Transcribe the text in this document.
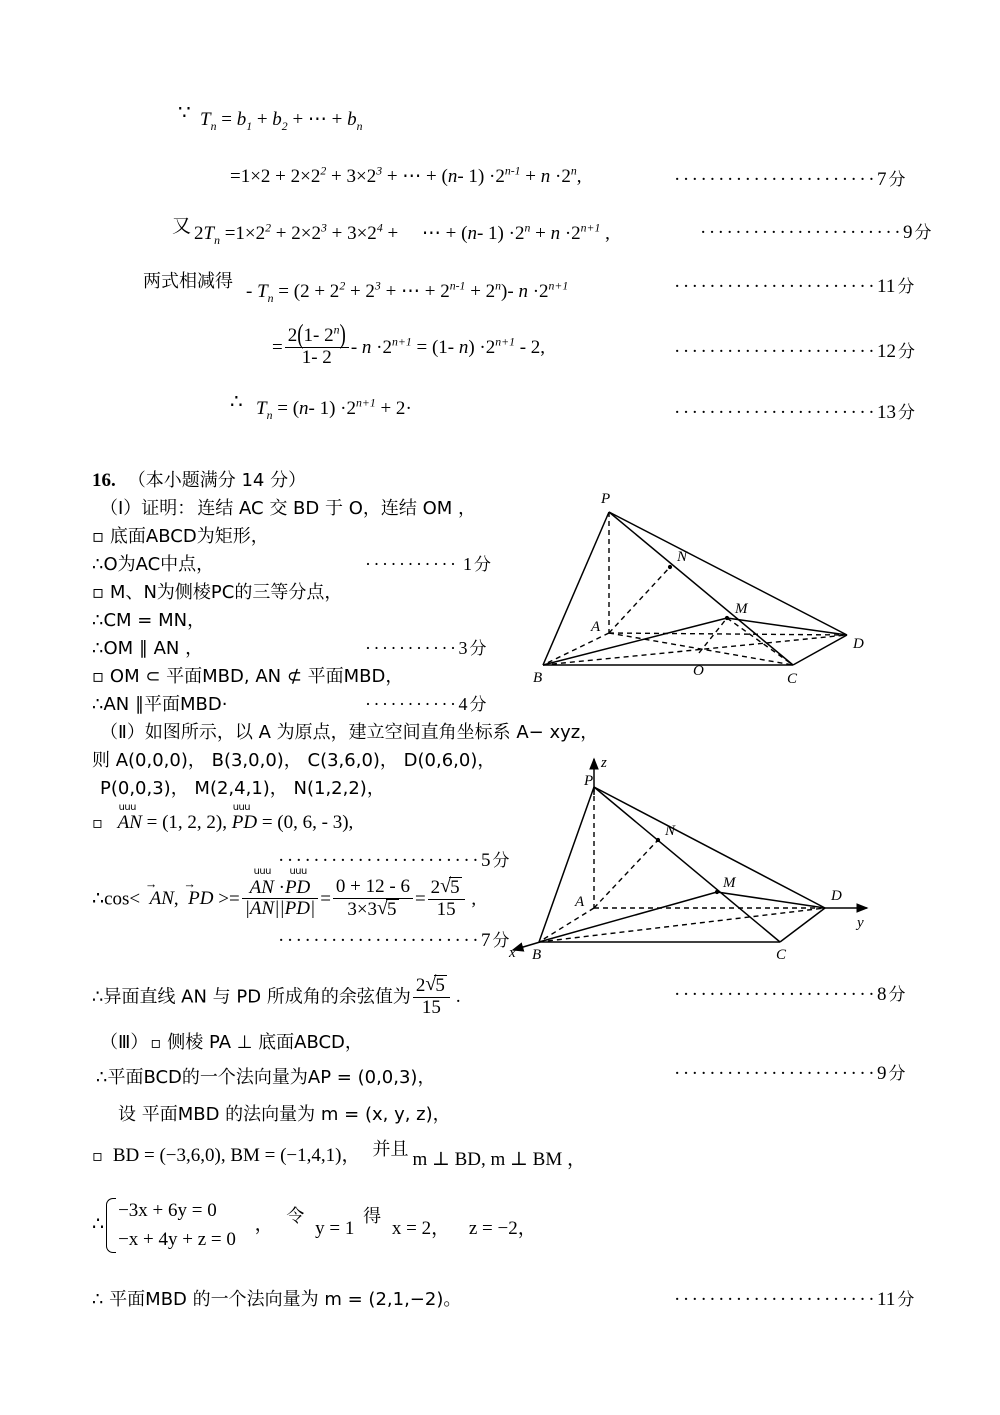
∵ $T_n = b_1 + b_2$ + ⋯ + $b_n$
$=1\times 2 + 2\times 2^2 + 3\times 2^3$ + ⋯ + (n- $1) \cdot 2^{n-1} + n \cdot 2^n$,	·······················7 分
又 $2T_n =1\times 2^2 + 2\times 2^3 + 3\times 2^4$ +     ⋯ + (n- $1) \cdot 2^n + n \cdot 2^{n+1}$ ,	·······················9 分
两式相减得 - $T_n = (2 + 2^2 + 2^3$ + ⋯ + $2^{n-1} + 2^n)-$ $n \cdot 2^{n+1}$	·······················11 分
= $\frac{2(1- 2^n)}{1- 2} - n \cdot 2^{n+1} = (1-$ $n) \cdot 2^{n+1} - 2$,	·······················12 分
∴ $T_n = (n-$ $1) \cdot 2^{n+1} + 2\cdot$	·······················13 分
16. （本小题满分 14 分）
（Ⅰ）证明： 连结 AC 交 BD 于 O，连结 OM ，
▫ 底面ABCD为矩形，
∴O为AC中点，	··········· 1 分
▫ M、N为侧棱PC的三等分点，
∴CM = MN，
∴OM ∥ AN ，	···········3 分
▫ OM ⊂ 平面MBD, AN ⊄ 平面MBD，
∴AN ∥平面MBD·	···········4 分
（Ⅱ）如图所示，以 A 为原点，建立空间直角坐标系 A− xyz，
则 A(0,0,0)， B(3,0,0)， C(3,6,0)， D(0,6,0)，
P(0,0,3)， M(2,4,1)， N(1,2,2)，
▫ uuu AN = (1, 2, 2), uuu PD = (0, 6, - 3),
·······················5 分
∴cos< →  AN, →  PD >= uuu $\frac{\text{AN ·uuu PD}}{|AN||PD|} = \frac{0 + 12 - 6}{3\times 3 √ 5} = \frac{2 √ 5}{15}$ ,
·······················7 分
∴异面直线 AN 与 PD 所成角的余弦值为 $\frac{2 √ 5}{15}$ .	·······················8 分
（Ⅲ） ▫ 侧棱 PA ⊥ 底面ABCD，
∴平面BCD的一个法向量为AP = (0,0,3)，	·······················9 分
设 平面MBD 的法向量为 m = (x, y, z)，
▫ BD = (−3,6,0), BM = (−1,4,1)， 并且 m ⊥ BD, m ⊥ BM ，
∴
−3x + 6y = 0
−x + 4y + z = 0
， 令 y = 1 得 x = 2， z = −2，
∴ 平面MBD 的一个法向量为 m = (2,1,−2)。	·······················11 分
P
N
M
A
D
B	O	C
P
N
M
A	D
B	C
z
y
x
